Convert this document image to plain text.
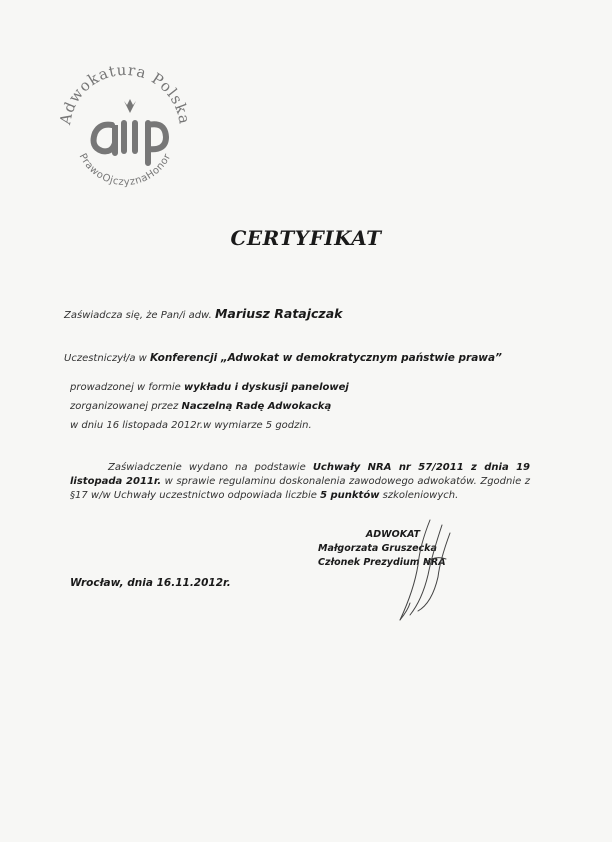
Adwokatura Polska
PrawoOjczyznaHonor
CERTYFIKAT
Zaświadcza się, że Pan/i adw. Mariusz Ratajczak
Uczestniczył/a w Konferencji „Adwokat w demokratycznym państwie prawa”
prowadzonej w formie wykładu i dyskusji panelowej
zorganizowanej przez Naczelną Radę Adwokacką
w dniu 16 listopada 2012r.w wymiarze 5 godzin.
Zaświadczenie wydano na podstawie Uchwały NRA nr 57/2011 z dnia 19 listopada 2011r. w sprawie regulaminu doskonalenia zawodowego adwokatów. Zgodnie z §17 w/w Uchwały uczestnictwo odpowiada liczbie 5 punktów szkoleniowych.
ADWOKAT
Małgorzata Gruszecka
Członek Prezydium NRA
Wrocław, dnia 16.11.2012r.
